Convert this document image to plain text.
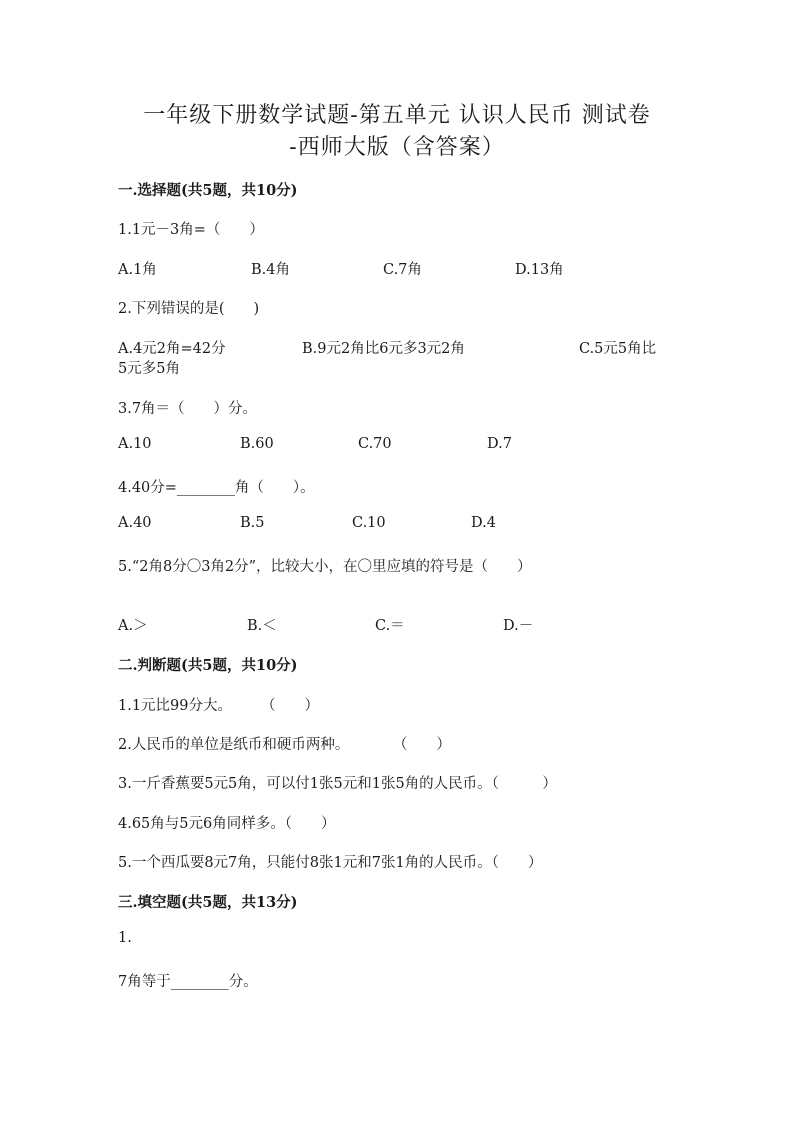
一年级下册数学试题-第五单元 认识人民币 测试卷
-西师大版（含答案）
一.选择题(共5题，共10分)
1.1元－3角=（　　）
A.1角	B.4角	C.7角	D.13角
2.下列错误的是(　　)
A.4元2角=42分	B.9元2角比6元多3元2角	C.5元5角比
5元多5角
3.7角＝（　　）分。
A.10	B.60	C.70	D.7
4.40分=________角（　　）。
A.40	B.5	C.10	D.4
5.“2角8分〇3角2分”，比较大小，在〇里应填的符号是（　　）
A.＞	B.＜	C.＝	D.－
二.判断题(共5题，共10分)
1.1元比99分大。　　　（　　）
2.人民币的单位是纸币和硬币两种。　　　　（　　）
3.一斤香蕉要5元5角，可以付1张5元和1张5角的人民币。（　　　）
4.65角与5元6角同样多。（　　）
5.一个西瓜要8元7角，只能付8张1元和7张1角的人民币。（　　）
三.填空题(共5题，共13分)
1.
7角等于________分。
